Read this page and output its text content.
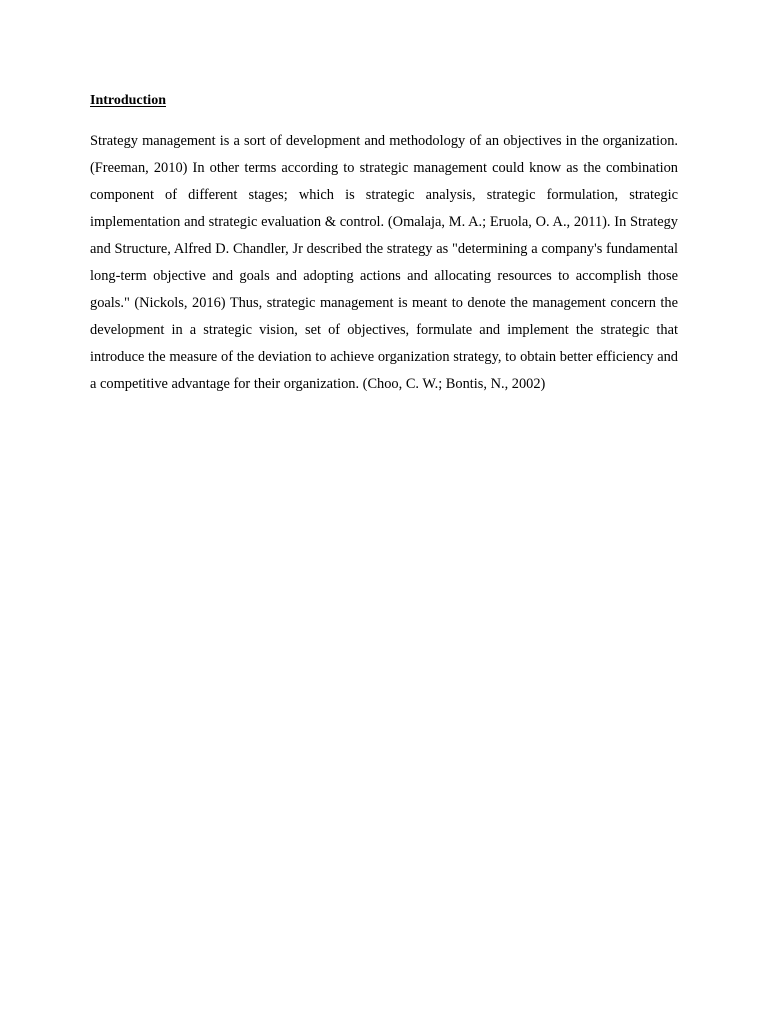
Introduction

Strategy management is a sort of development and methodology of an objectives in the organization. (Freeman, 2010) In other terms according to strategic management could know as the combination component of different stages; which is strategic analysis, strategic formulation, strategic implementation and strategic evaluation & control. (Omalaja, M. A.; Eruola, O. A., 2011). In Strategy and Structure, Alfred D. Chandler, Jr described the strategy as "determining a company's fundamental long-term objective and goals and adopting actions and allocating resources to accomplish those goals." (Nickols, 2016) Thus, strategic management is meant to denote the management concern the development in a strategic vision, set of objectives, formulate and implement the strategic that introduce the measure of the deviation to achieve organization strategy, to obtain better efficiency and a competitive advantage for their organization. (Choo, C. W.; Bontis, N., 2002)
